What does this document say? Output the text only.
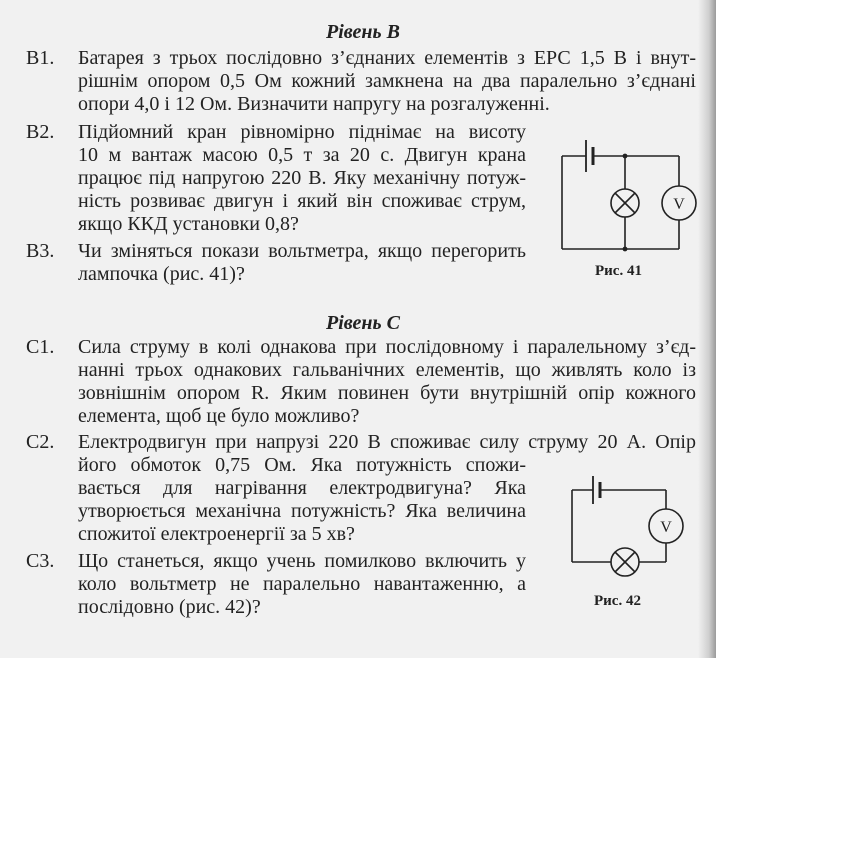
Рівень В
В1. Батарея з трьох послідовно з’єднаних елементів з ЕРС 1,5 В і внут-
рішнім опором 0,5 Ом кожний замкнена на два паралельно з’єднані
опори 4,0 і 12 Ом. Визначити напругу на розгалуженні.
В2. Підйомний кран рівномірно піднімає на висоту
10 м вантаж масою 0,5 т за 20 с. Двигун крана
працює під напругою 220 В. Яку механічну потуж-
ність розвиває двигун і який він споживає струм,
якщо ККД установки 0,8?
В3. Чи зміняться покази вольтметра, якщо перегорить
лампочка (рис. 41)?
V
Рис. 41
Рівень С
С1. Сила струму в колі однакова при послідовному і паралельному з’єд-
нанні трьох однакових гальванічних елементів, що живлять коло із
зовнішнім опором R. Яким повинен бути внутрішній опір кожного
елемента, щоб це було можливо?
С2. Електродвигун при напрузі 220 В споживає силу струму 20 А. Опір
його обмоток 0,75 Ом. Яка потужність спожи-
вається для нагрівання електродвигуна? Яка
утворюється механічна потужність? Яка величина
спожитої електроенергії за 5 хв?
С3. Що станеться, якщо учень помилково включить у
коло вольтметр не паралельно навантаженню, а
послідовно (рис. 42)?
V
Рис. 42
